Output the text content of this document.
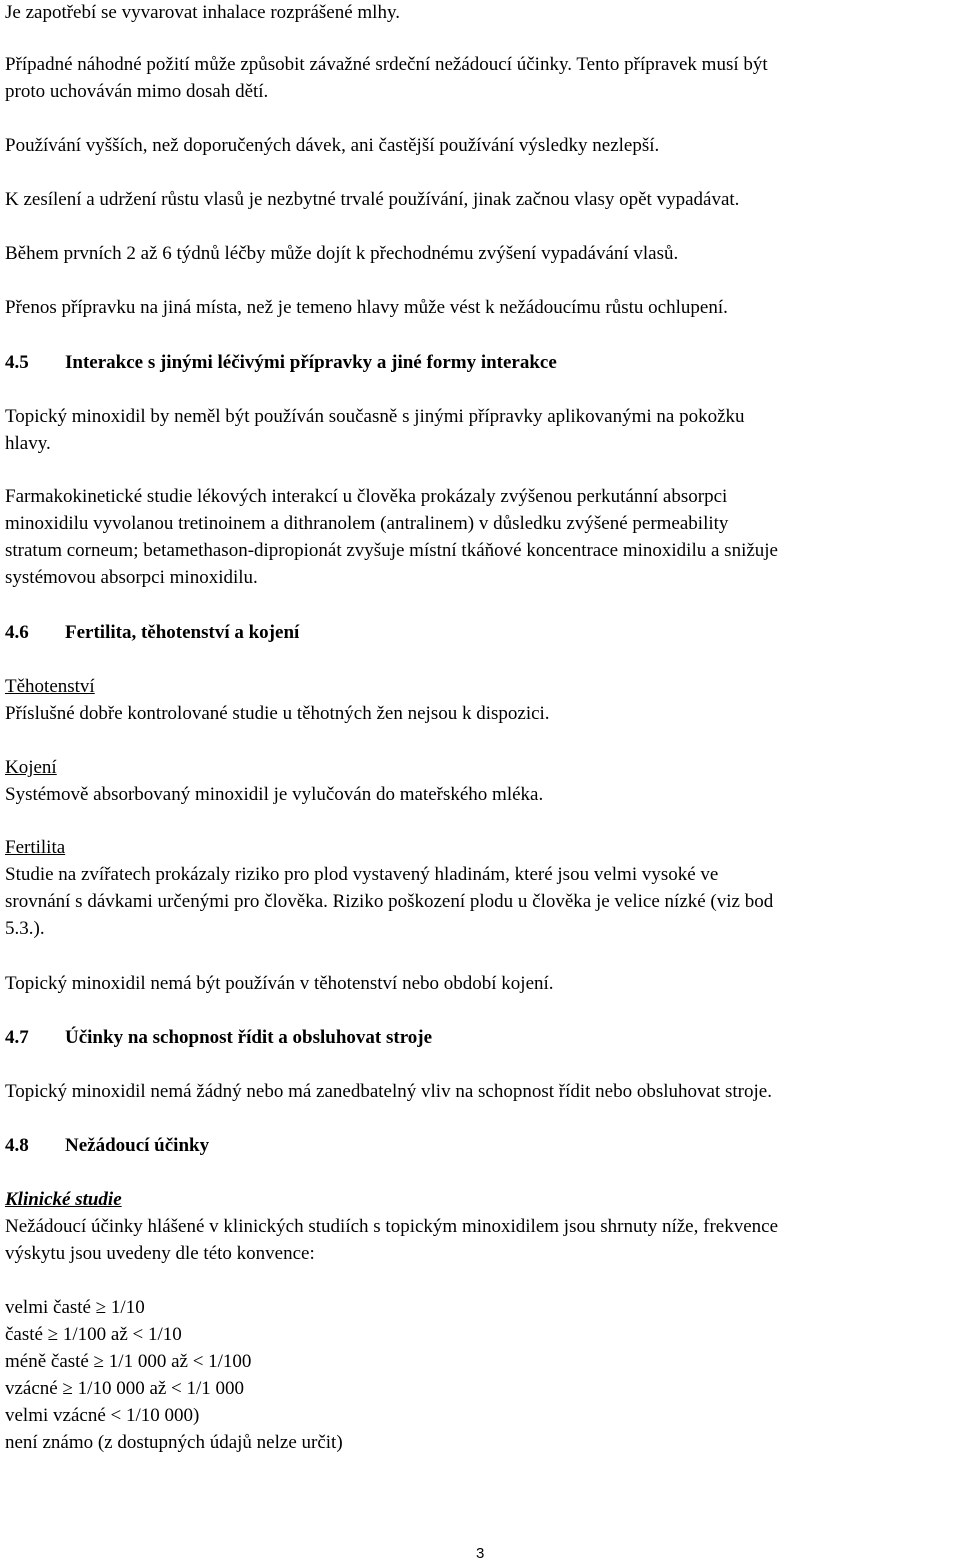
Je zapotřebí se vyvarovat inhalace rozprášené mlhy.

Případné náhodné požití může způsobit závažné srdeční nežádoucí účinky. Tento přípravek musí být
proto uchováván mimo dosah dětí.

Používání vyšších, než doporučených dávek, ani častější používání výsledky nezlepší.

K zesílení a udržení růstu vlasů je nezbytné trvalé používání, jinak začnou vlasy opět vypadávat.

Během prvních 2 až 6 týdnů léčby může dojít k přechodnému zvýšení vypadávání vlasů.

Přenos přípravku na jiná místa, než je temeno hlavy může vést k nežádoucímu růstu ochlupení.

4.5 Interakce s jinými léčivými přípravky a jiné formy interakce

Topický minoxidil by neměl být používán současně s jinými přípravky aplikovanými na pokožku
hlavy.

Farmakokinetické studie lékových interakcí u člověka prokázaly zvýšenou perkutánní absorpci
minoxidilu vyvolanou tretinoinem a dithranolem (antralinem) v důsledku zvýšené permeability
stratum corneum; betamethason-dipropionát zvyšuje místní tkáňové koncentrace minoxidilu a snižuje
systémovou absorpci minoxidilu.

4.6 Fertilita, těhotenství a kojení

Těhotenství
Příslušné dobře kontrolované studie u těhotných žen nejsou k dispozici.

Kojení
Systémově absorbovaný minoxidil je vylučován do mateřského mléka.

Fertilita
Studie na zvířatech prokázaly riziko pro plod vystavený hladinám, které jsou velmi vysoké ve
srovnání s dávkami určenými pro člověka. Riziko poškození plodu u člověka je velice nízké (viz bod
5.3.).

Topický minoxidil nemá být používán v těhotenství nebo období kojení.

4.7 Účinky na schopnost řídit a obsluhovat stroje

Topický minoxidil nemá žádný nebo má zanedbatelný vliv na schopnost řídit nebo obsluhovat stroje.

4.8 Nežádoucí účinky

Klinické studie
Nežádoucí účinky hlášené v klinických studiích s topickým minoxidilem jsou shrnuty níže, frekvence
výskytu jsou uvedeny dle této konvence:

velmi časté ≥ 1/10
časté ≥ 1/100 až < 1/10
méně časté ≥ 1/1 000 až < 1/100
vzácné ≥ 1/10 000 až < 1/1 000
velmi vzácné < 1/10 000)
není známo (z dostupných údajů nelze určit)

3
